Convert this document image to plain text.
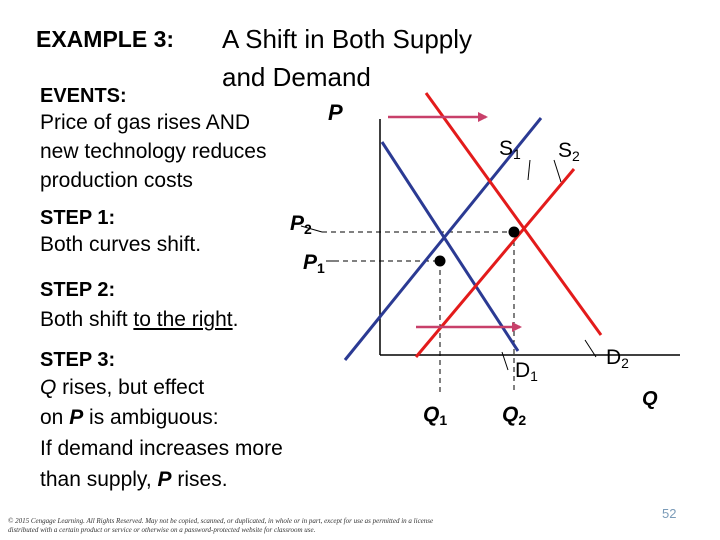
EXAMPLE 3: A Shift in Both Supply
and Demand
EVENTS:
Price of gas rises AND
new technology reduces
production costs
STEP 1:
Both curves shift.
STEP 2:
Both shift to the right.
STEP 3:
Q rises, but effect
on P is ambiguous:
If demand increases more
than supply, P rises.
P
Q
$S_1$ $S_2$
$D_1$
$D_2$
$P_2$
$P_1$
$Q_1$	$Q_2$
© 2015 Cengage Learning. All Rights Reserved. May not be copied, scanned, or duplicated, in whole or in part, except for use as permitted in a license distributed with a certain product or service or otherwise on a password-protected website for classroom use.
52
